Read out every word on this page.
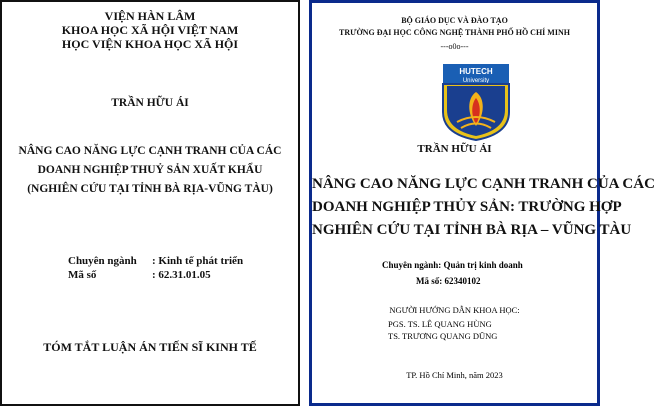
VIỆN HÀN LÂM
KHOA HỌC XÃ HỘI VIỆT NAM
HỌC VIỆN KHOA HỌC XÃ HỘI
TRẦN HỮU ÁI
NÂNG CAO NĂNG LỰC CẠNH TRANH CỦA CÁC
DOANH NGHIỆP THUỶ SẢN XUẤT KHẨU
(NGHIÊN CỨU TẠI TỈNH BÀ RỊA-VŨNG TÀU)
Chuyên ngành : Kinh tế phát triển
Mã số	: 62.31.01.05
TÓM TẮT LUẬN ÁN TIẾN SĨ KINH TẾ
BỘ GIÁO DỤC VÀ ĐÀO TẠO
TRƯỜNG ĐẠI HỌC CÔNG NGHỆ THÀNH PHỐ HỒ CHÍ MINH
---o0o---
HUTECH
University
TRẦN HỮU ÁI
NÂNG CAO NĂNG LỰC CẠNH TRANH CỦA CÁC
DOANH NGHIỆP THỦY SẢN: TRƯỜNG HỢP
NGHIÊN CỨU TẠI TỈNH BÀ RỊA – VŨNG TÀU
Chuyên ngành: Quản trị kinh doanh
Mã số: 62340102
NGƯỜI HƯỚNG DẪN KHOA HỌC:
PGS. TS. LÊ QUANG HÙNG
TS. TRƯƠNG QUANG DŨNG
TP. Hồ Chí Minh, năm 2023
